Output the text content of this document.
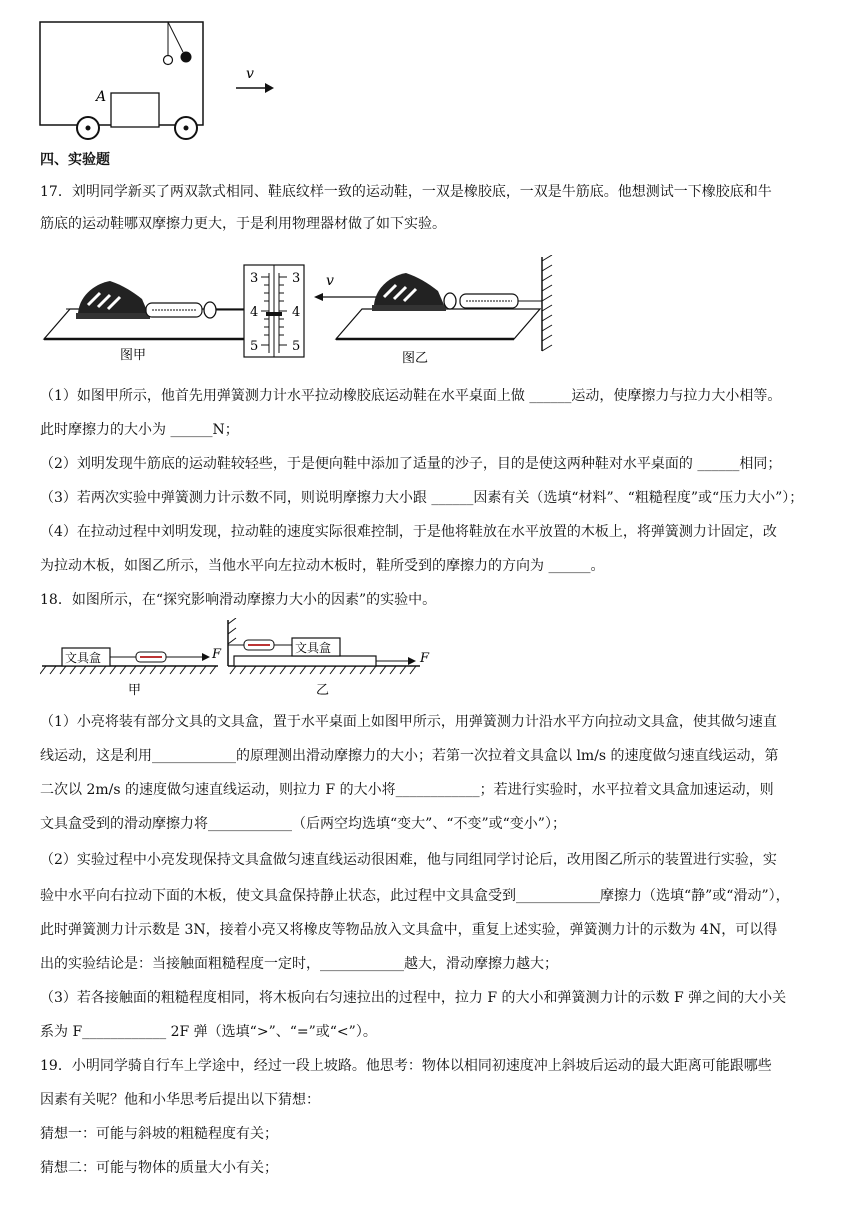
A
v
四、实验题
17．刘明同学新买了两双款式相同、鞋底纹样一致的运动鞋，一双是橡胶底，一双是牛筋底。他想测试一下橡胶底和牛
筋底的运动鞋哪双摩擦力更大，于是利用物理器材做了如下实验。
3	3
4	4
5	5
图甲
v
图乙
（1）如图甲所示，他首先用弹簧测力计水平拉动橡胶底运动鞋在水平桌面上做 ______运动，使摩擦力与拉力大小相等。
此时摩擦力的大小为 ______N；
（2）刘明发现牛筋底的运动鞋较轻些，于是便向鞋中添加了适量的沙子，目的是使这两种鞋对水平桌面的 ______相同；
（3）若两次实验中弹簧测力计示数不同，则说明摩擦力大小跟 ______因素有关（选填“材料”、“粗糙程度”或“压力大小”）；
（4）在拉动过程中刘明发现，拉动鞋的速度实际很难控制，于是他将鞋放在水平放置的木板上，将弹簧测力计固定，改
为拉动木板，如图乙所示，当他水平向左拉动木板时，鞋所受到的摩擦力的方向为 ______。
18．如图所示，在“探究影响滑动摩擦力大小的因素”的实验中。
文具盒	F
甲
文具盒
F
乙
（1）小亮将装有部分文具的文具盒，置于水平桌面上如图甲所示，用弹簧测力计沿水平方向拉动文具盒，使其做匀速直
线运动，这是利用____________的原理测出滑动摩擦力的大小；若第一次拉着文具盒以 lm/s 的速度做匀速直线运动，第
二次以 2m/s 的速度做匀速直线运动，则拉力 F 的大小将____________；若进行实验时，水平拉着文具盒加速运动，则
文具盒受到的滑动摩擦力将____________（后两空均选填“变大”、“不变”或“变小”）；
（2）实验过程中小亮发现保持文具盒做匀速直线运动很困难，他与同组同学讨论后，改用图乙所示的装置进行实验，实
验中水平向右拉动下面的木板，使文具盒保持静止状态，此过程中文具盒受到____________摩擦力（选填“静”或“滑动”），
此时弹簧测力计示数是 3N，接着小亮又将橡皮等物品放入文具盒中，重复上述实验，弹簧测力计的示数为 4N，可以得
出的实验结论是：当接触面粗糙程度一定时，____________越大，滑动摩擦力越大；
（3）若各接触面的粗糙程度相同，将木板向右匀速拉出的过程中，拉力 F 的大小和弹簧测力计的示数 F 弹之间的大小关
系为 F____________ 2F 弹（选填“>”、“=”或“<”）。
19．小明同学骑自行车上学途中，经过一段上坡路。他思考：物体以相同初速度冲上斜坡后运动的最大距离可能跟哪些
因素有关呢？他和小华思考后提出以下猜想：
猜想一：可能与斜坡的粗糙程度有关；
猜想二：可能与物体的质量大小有关；
